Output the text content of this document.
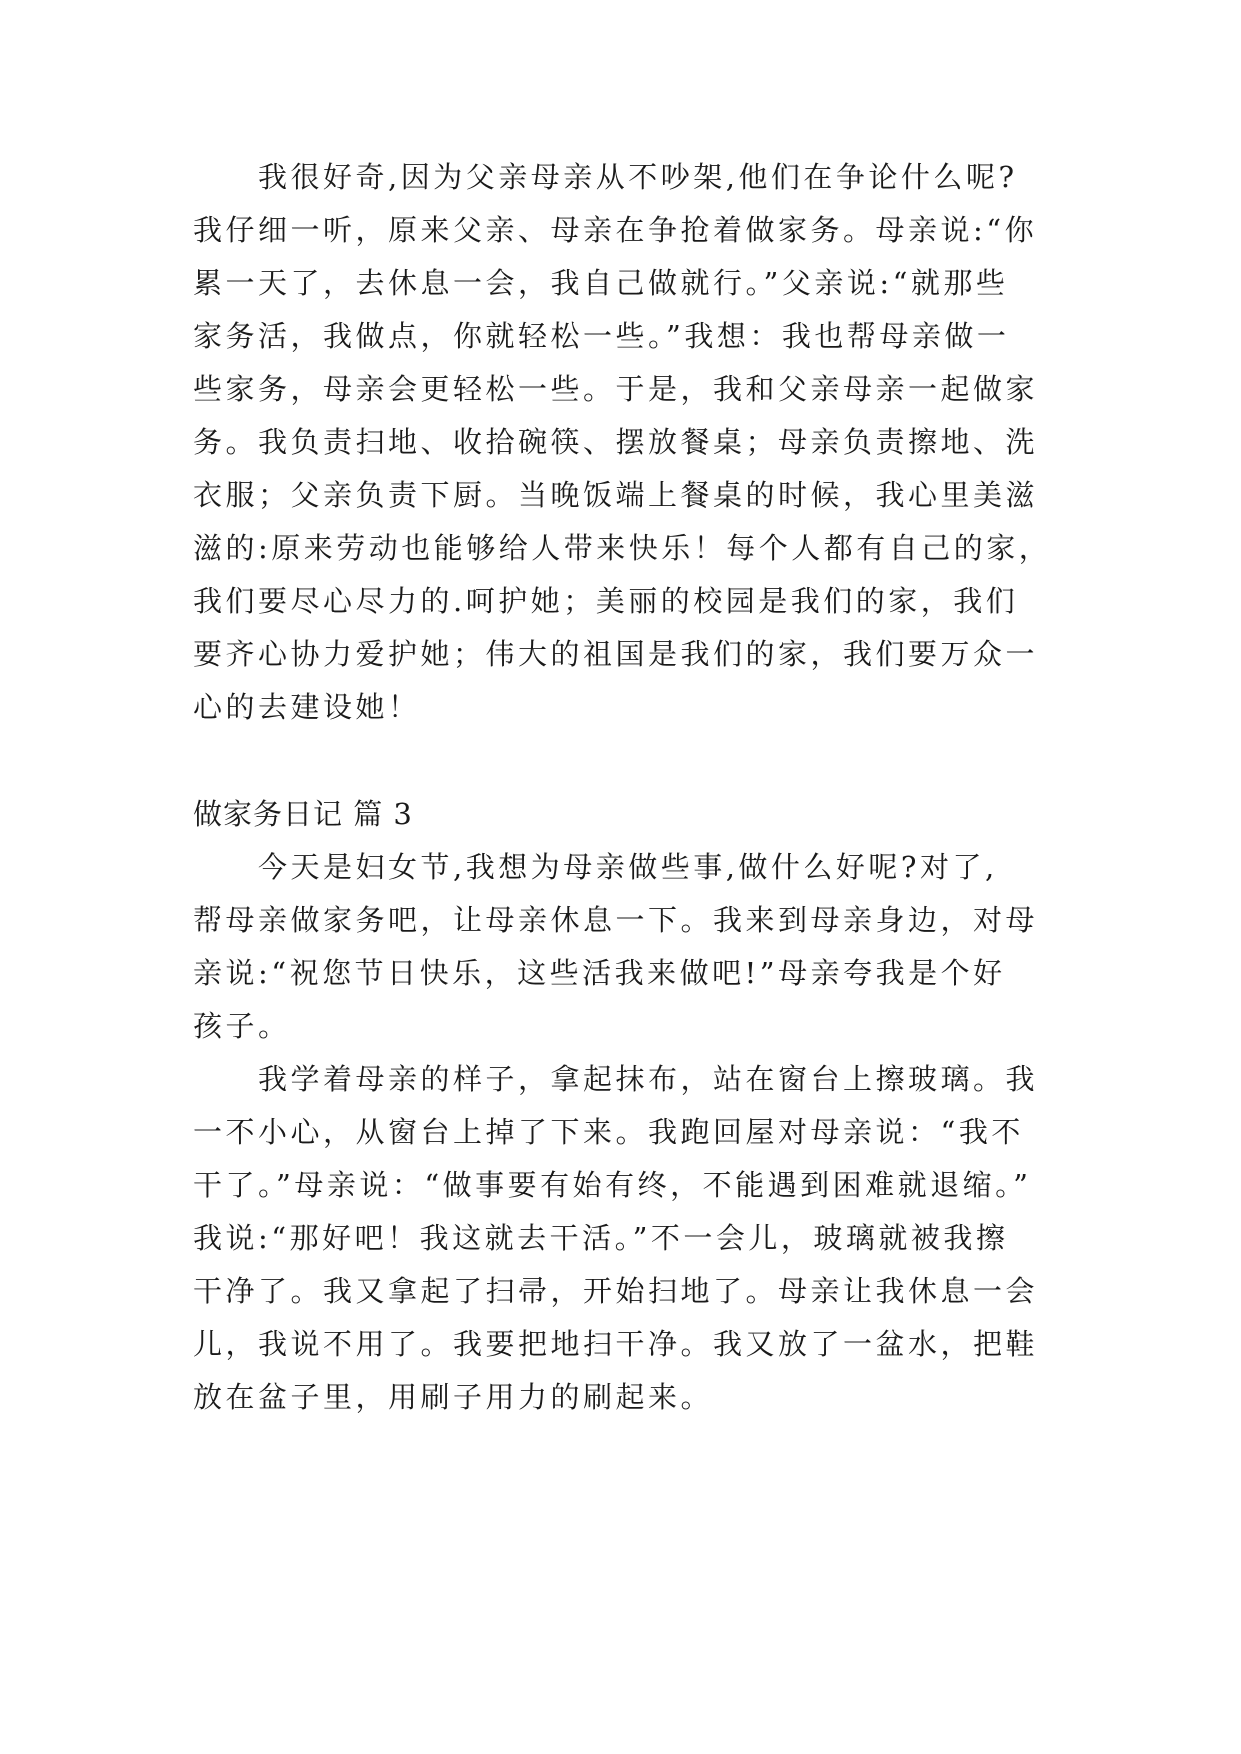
我很好奇,因为父亲母亲从不吵架,他们在争论什么呢?
我仔细一听，原来父亲、母亲在争抢着做家务。母亲说:“你
累一天了，去休息一会，我自己做就行。”父亲说:“就那些
家务活，我做点，你就轻松一些。”我想：我也帮母亲做一
些家务，母亲会更轻松一些。于是，我和父亲母亲一起做家
务。我负责扫地、收拾碗筷、摆放餐桌；母亲负责擦地、洗
衣服；父亲负责下厨。当晚饭端上餐桌的时候，我心里美滋
滋的:原来劳动也能够给人带来快乐！每个人都有自己的家，
我们要尽心尽力的.呵护她；美丽的校园是我们的家，我们
要齐心协力爱护她；伟大的祖国是我们的家，我们要万众一
心的去建设她！
做家务日记 篇 3
今天是妇女节,我想为母亲做些事,做什么好呢?对了,
帮母亲做家务吧，让母亲休息一下。我来到母亲身边，对母
亲说:“祝您节日快乐，这些活我来做吧!”母亲夸我是个好
孩子。
我学着母亲的样子，拿起抹布，站在窗台上擦玻璃。我
一不小心，从窗台上掉了下来。我跑回屋对母亲说：“我不
干了。”母亲说：“做事要有始有终，不能遇到困难就退缩。”
我说:“那好吧！我这就去干活。”不一会儿，玻璃就被我擦
干净了。我又拿起了扫帚，开始扫地了。母亲让我休息一会
儿，我说不用了。我要把地扫干净。我又放了一盆水，把鞋
放在盆子里，用刷子用力的刷起来。
